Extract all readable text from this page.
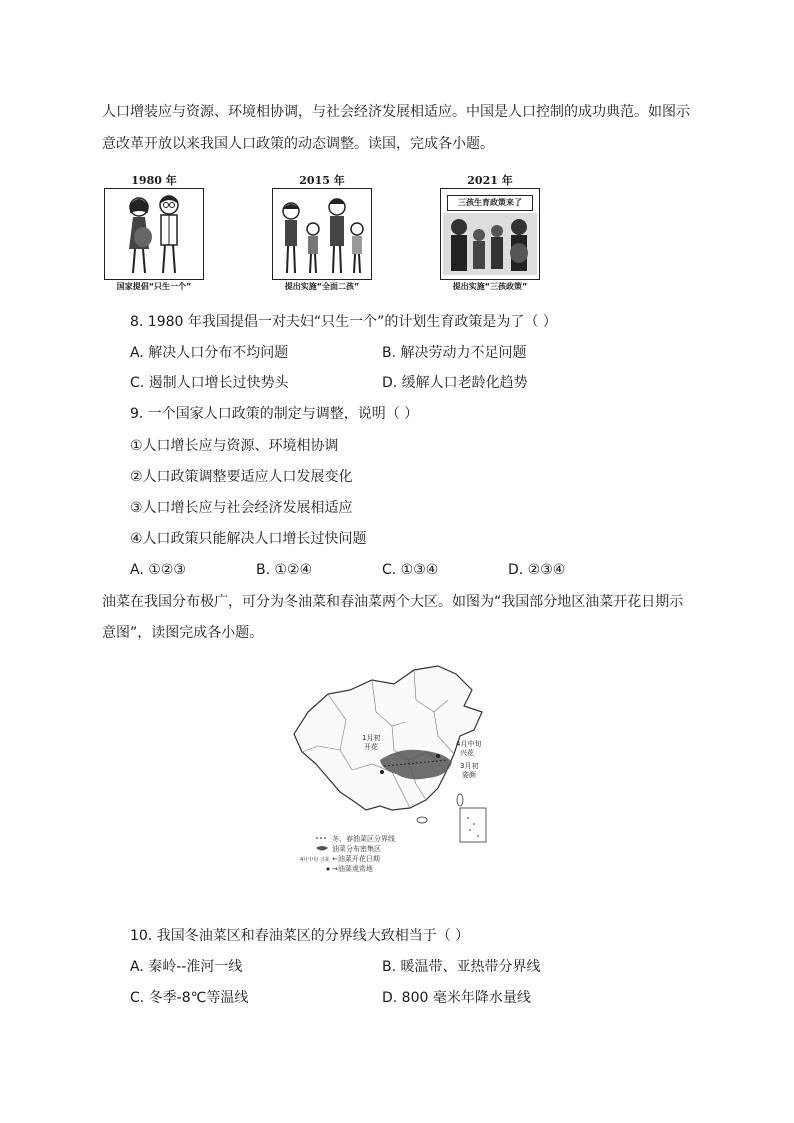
人口增装应与资源、环境相协调，与社会经济发展相适应。中国是人口控制的成功典范。如图示
意改革开放以来我国人口政策的动态调整。读国，完成各小题。
1980 年
国家提倡“只生一个”
2015 年
提出实施“全面二孩”
2021 年
三孩生育政策来了
提出实施“三孩政策”
8. 1980 年我国提倡一对夫妇“只生一个”的计划生育政策是为了（ ）
A. 解决人口分布不均问题	B. 解决劳动力不足问题
C. 遏制人口增长过快势头	D. 缓解人口老龄化趋势
9. 一个国家人口政策的制定与调整，说明（ ）
①人口增长应与资源、环境相协调
②人口政策调整要适应人口发展变化
③人口增长应与社会经济发展相适应
④人口政策只能解决人口增长过快问题
A. ①②③	B. ①②④	C. ①③④	D. ②③④
油菜在我国分布极广，可分为冬油菜和春油菜两个大区。如图为“我国部分地区油菜开花日期示
意图”，读图完成各小题。
1月初
开花	4月中旬
兴花
3月初
姿颜
冬、春油菜区分界线
油菜分布密集区
←油菜开花日期
→油菜观赏地
4月中旬 兴花
10. 我国冬油菜区和春油菜区的分界线大致相当于（ ）
A. 秦岭--淮河一线	B. 暖温带、亚热带分界线
C. 冬季-8℃等温线	D. 800 毫米年降水量线
